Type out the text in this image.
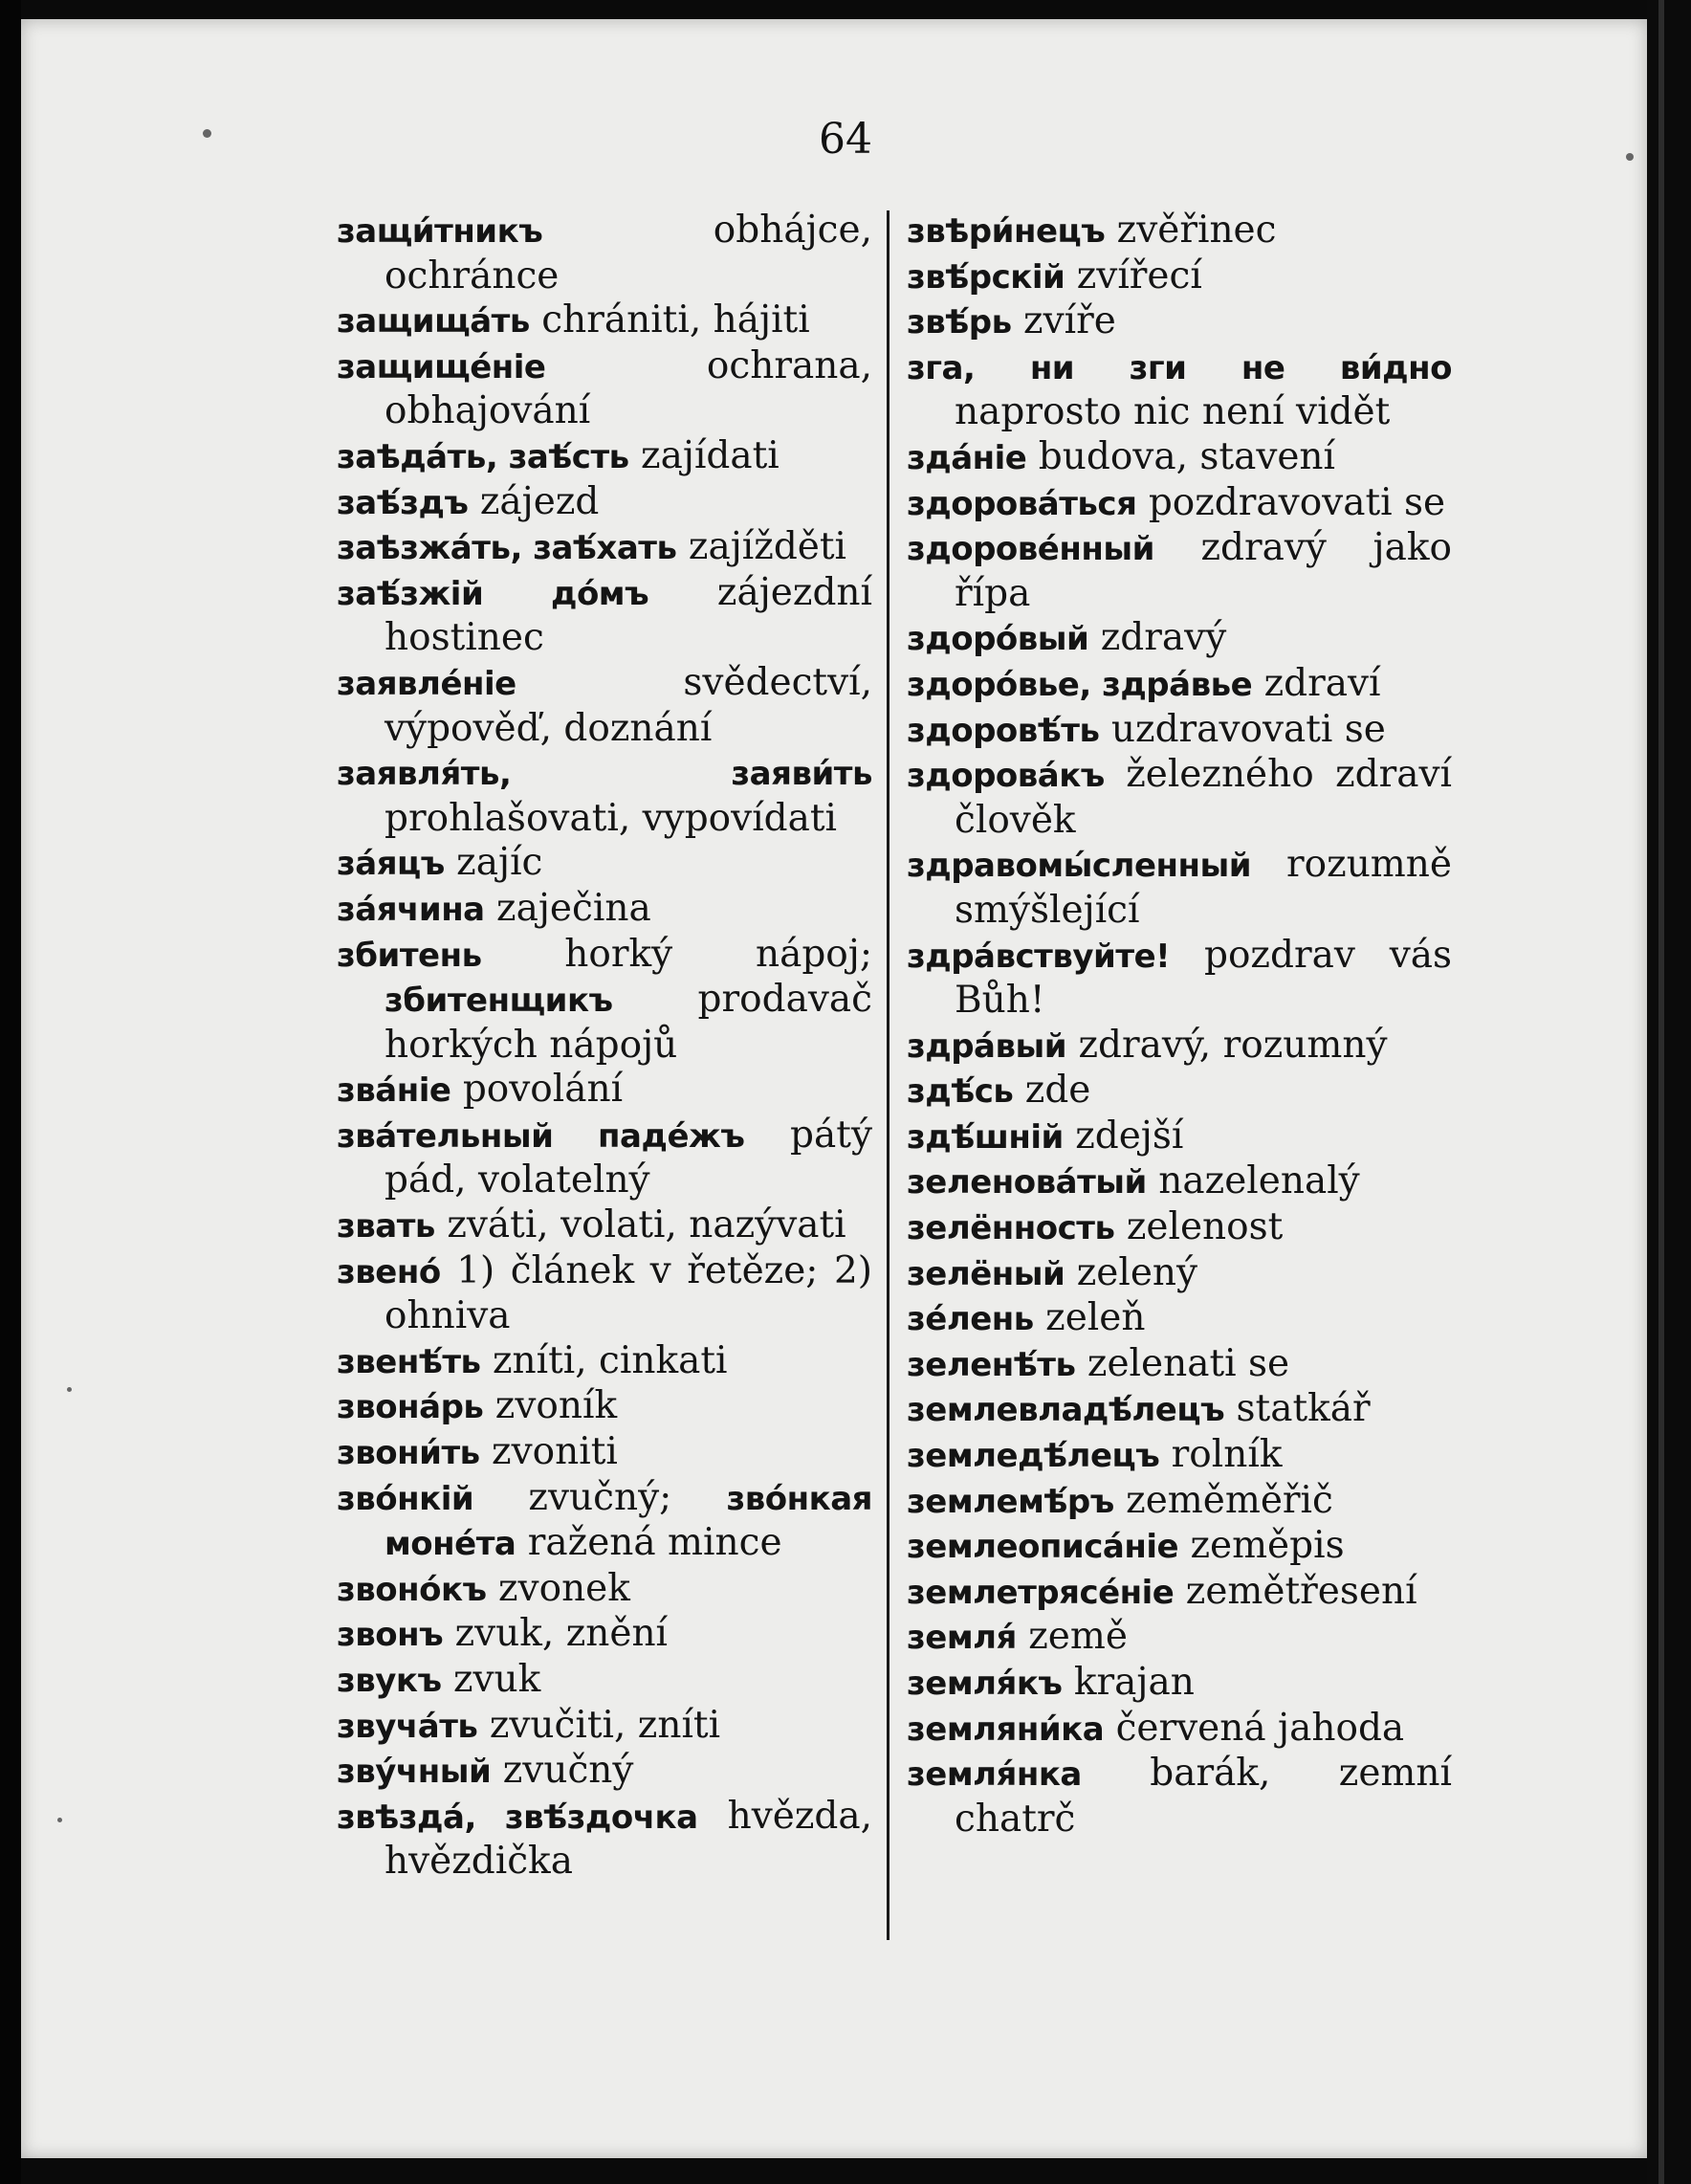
64

защи́тникъ obhájce, ochránce

защища́ть chrániti, hájiti

защище́ніе ochrana, obhajování

заѣда́ть, заѣ́сть zajídati

заѣ́здъ zájezd

заѣзжа́ть, заѣ́хать zajížděti

заѣ́зжій до́мъ zájezdní hostinec

заявле́ніе svědectví, výpověď, doznání

заявля́ть, заяви́ть prohlašovati, vypovídati

за́яцъ zajíc

за́ячина zaječina

збитень horký nápoj; збитенщикъ prodavač horkých nápojů

зва́ніе povolání

зва́тельный паде́жъ pátý pád, volatelný

звать zváti, volati, nazývati

звено́ 1) článek v řetěze; 2) ohniva

звенѣ́ть zníti, cinkati

звона́рь zvoník

звони́ть zvoniti

зво́нкій zvučný; зво́нкая моне́та ražená mince

звоно́къ zvonek

звонъ zvuk, znění

звукъ zvuk

звуча́ть zvučiti, zníti

звýчный zvučný

звѣзда́, звѣ́здочка hvězda, hvězdička

звѣри́нецъ zvěřinec

звѣ́рскій zvířecí

звѣ́рь zvíře

зга, ни зги не ви́дно naprosto nic není vidět

зда́ніе budova, stavení

здорова́ться pozdravovati se

здорове́нный zdravý jako řípa

здоро́вый zdravý

здоро́вье, здра́вье zdraví

здоровѣ́ть uzdravovati se

здорова́къ železného zdraví člověk

здравомы́сленный rozumně smýšlející

здра́вствуйте! pozdrav vás Bůh!

здра́вый zdravý, rozumný

здѣ́сь zde

здѣ́шній zdejší

зеленова́тый nazelenalý

зелённость zelenost

зелёный zelený

зе́лень zeleň

зеленѣ́ть zelenati se

землевладѣ́лецъ statkář

земледѣ́лецъ rolník

землемѣ́ръ zeměměřič

землеописа́ніе zeměpis

землетрясе́ніе zemětřesení

земля́ země

земля́къ krajan

земляни́ка červená jahoda

земля́нка barák, zemní chatrč
